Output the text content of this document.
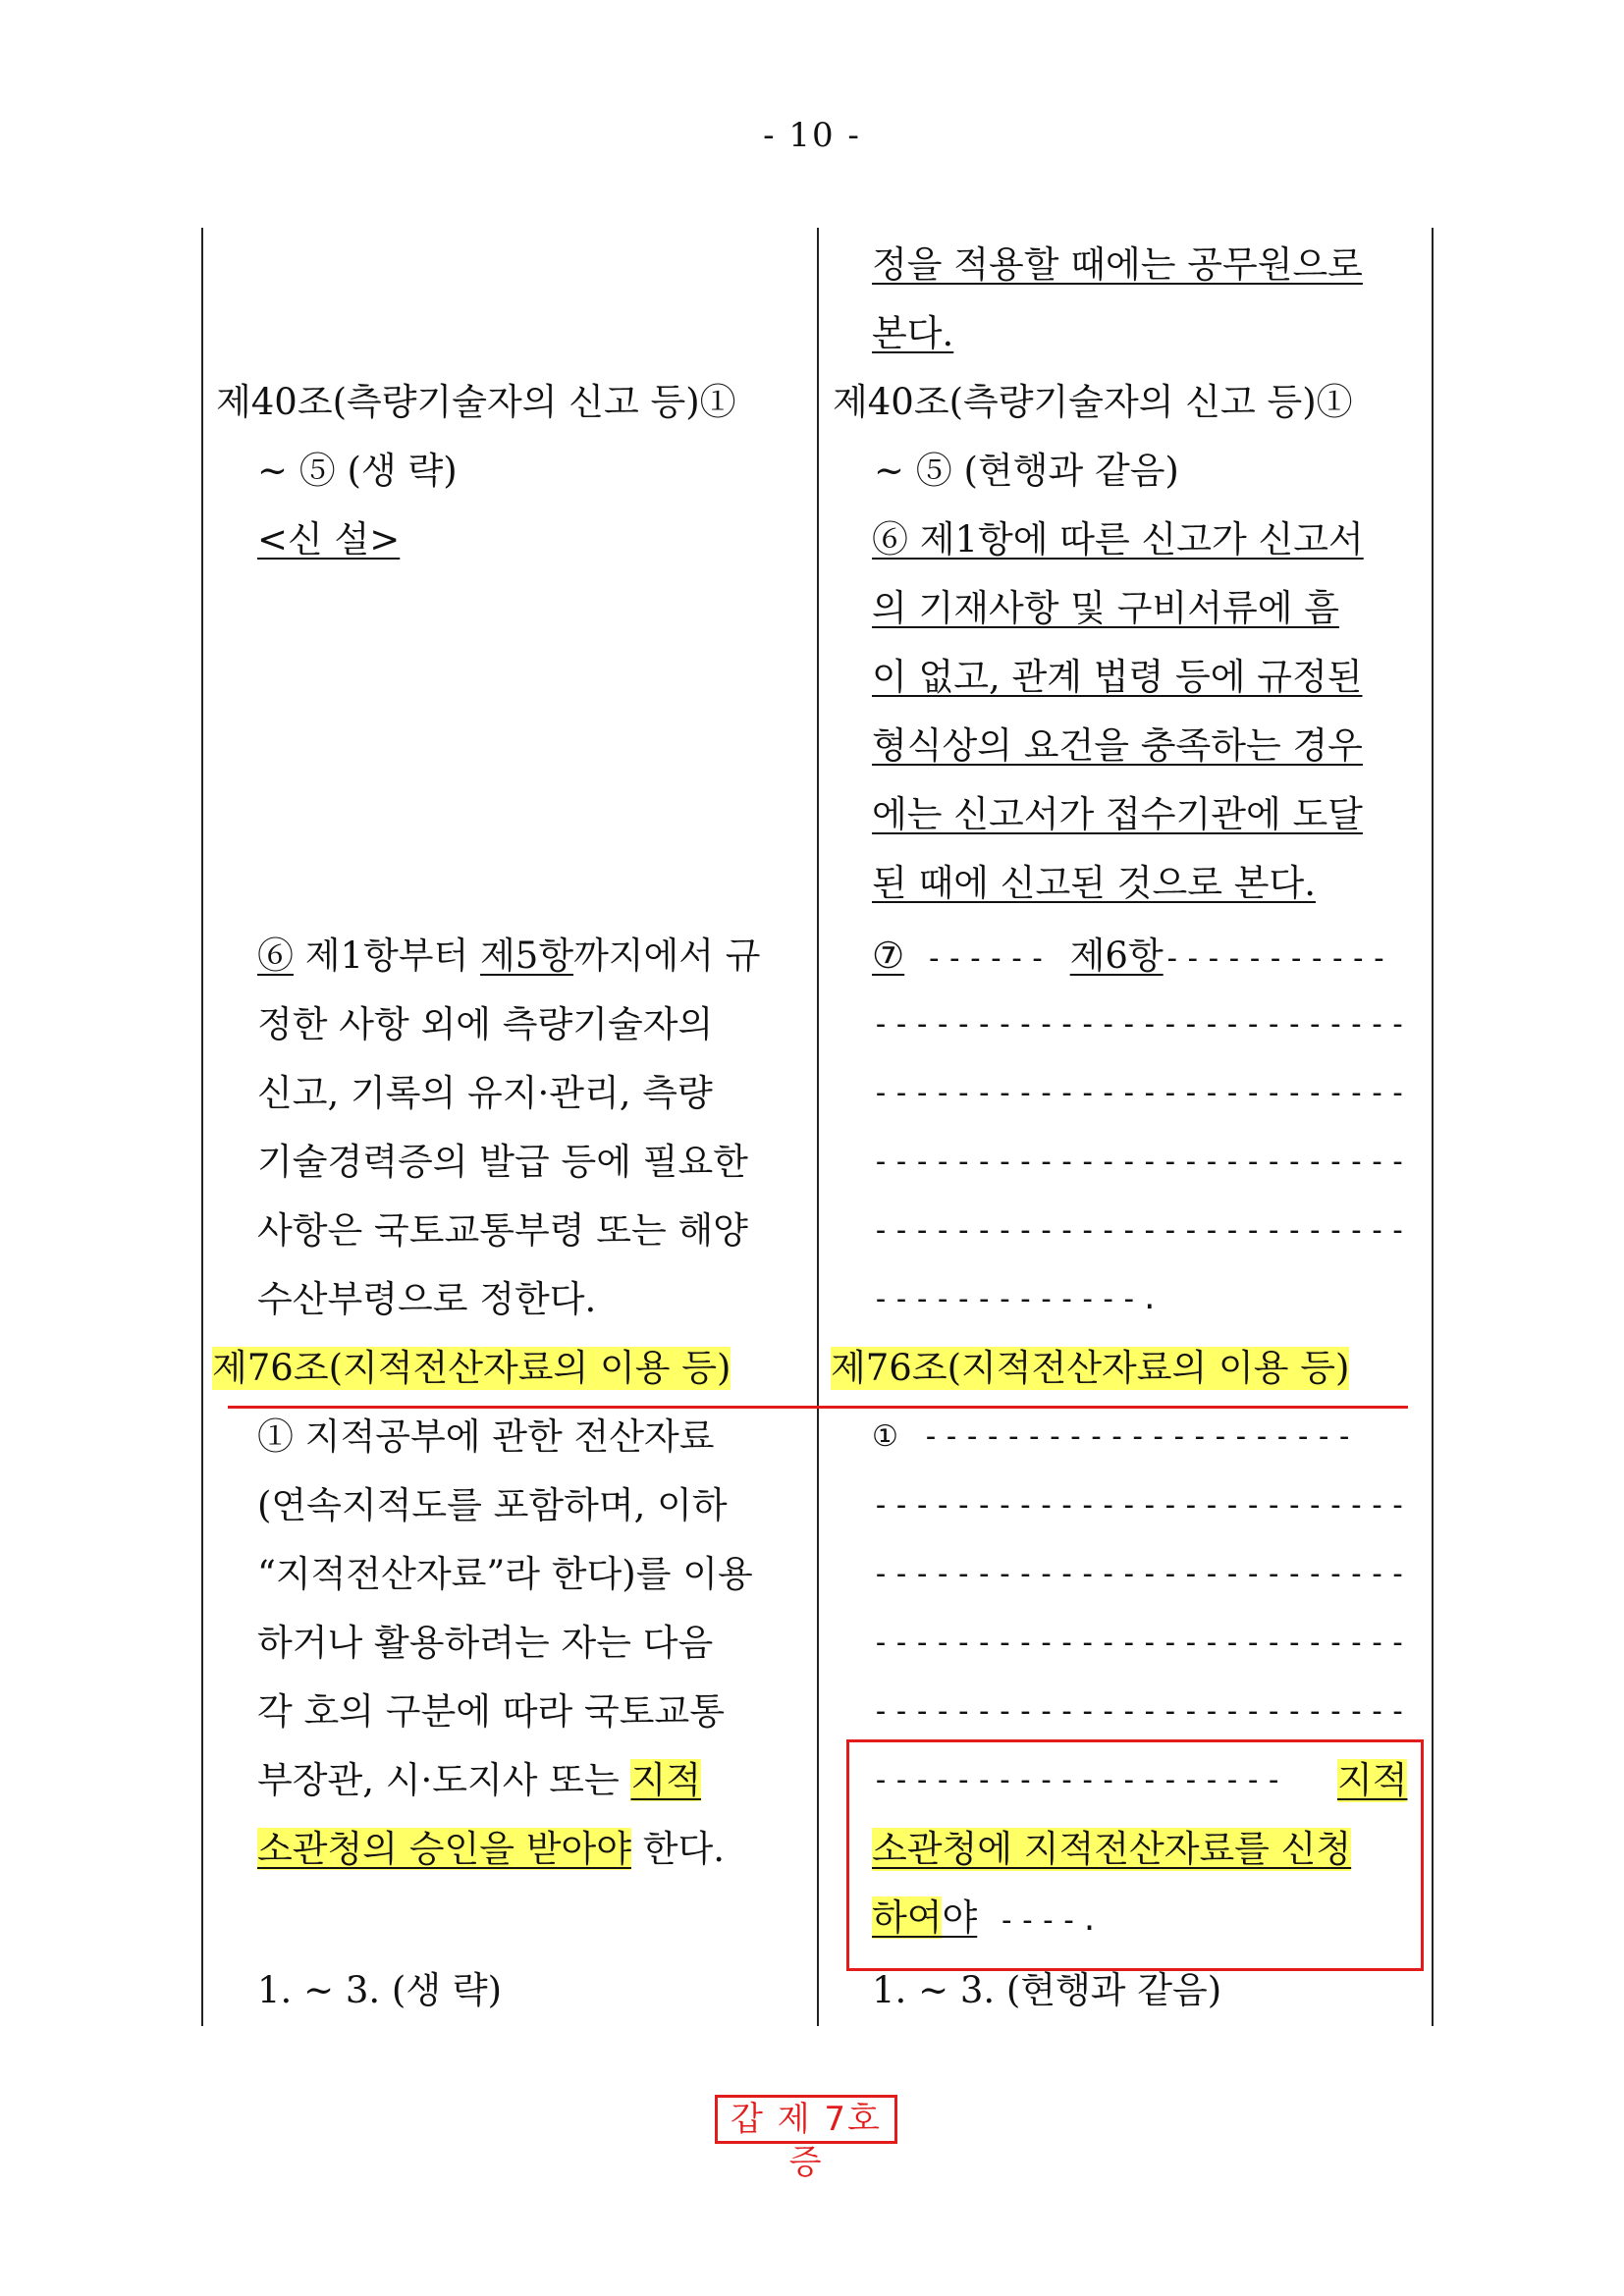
- 10 -
제40조(측량기술자의 신고 등)①
~ ⑤ (생 략)
<신 설>
⑥ 제1항부터 제5항까지에서 규
정한 사항 외에 측량기술자의
신고, 기록의 유지·관리, 측량
기술경력증의 발급 등에 필요한
사항은 국토교통부령 또는 해양
수산부령으로 정한다.
제76조(지적전산자료의 이용 등)
① 지적공부에 관한 전산자료
(연속지적도를 포함하며, 이하
“지적전산자료”라 한다)를 이용
하거나 활용하려는 자는 다음
각 호의 구분에 따라 국토교통
부장관, 시·도지사 또는 지적
소관청의 승인을 받아야 한다.
1. ~ 3. (생 략)
정을 적용할 때에는 공무원으로
본다.
제40조(측량기술자의 신고 등)①
~ ⑤ (현행과 같음)
⑥ 제1항에 따른 신고가 신고서
의 기재사항 및 구비서류에 흠
이 없고, 관계 법령 등에 규정된
형식상의 요건을 충족하는 경우
에는 신고서가 접수기관에 도달
된 때에 신고된 것으로 본다.
⑦ ------ 제6항-----------
--------------------------
--------------------------
--------------------------
--------------------------
-------------.
제76조(지적전산자료의 이용 등)
① ---------------------
--------------------------
--------------------------
--------------------------
--------------------------
-------------------- 지적
소관청에 지적전산자료를 신청
하여야 ----.
1. ~ 3. (현행과 같음)
갑 제 7호증
